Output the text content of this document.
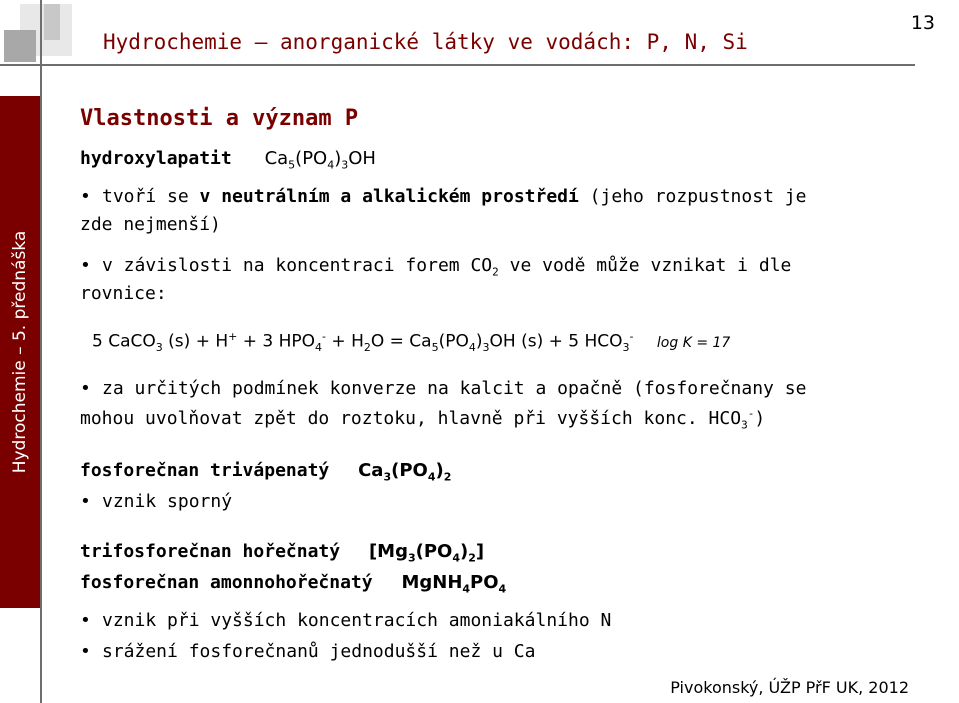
Hydrochemie – 5. přednáška
Hydrochemie – anorganické látky ve vodách: P, N, Si
13
Vlastnosti a význam P
hydroxylapatit $Ca_5(PO_4)_3OH$
• tvoří se v neutrálním a alkalickém prostředí (jeho rozpustnost je
zde nejmenší)
• v závislosti na koncentraci forem $CO_2$ ve vodě může vznikat i dle
rovnice:
5 CaCO$_3$ (s) + H+ + 3 $HPO_4^- + H_2O = Ca_5(PO_4)_3OH$ (s) + 5 $HCO_3^-$ log K = 17
• za určitých podmínek konverze na kalcit a opačně (fosforečnany se
mohou uvolňovat zpět do roztoku, hlavně při vyšších konc. $HCO_3^-$)
fosforečnan trivápenatý $Ca_3(PO_4)_2$
• vznik sporný
trifosforečnan hořečnatý $[Mg_3(PO_4)_2]$
fosforečnan amonnohořečnatý $MgNH_4PO_4$
• vznik při vyšších koncentracích amoniakálního N
• srážení fosforečnanů jednodušší než u Ca
Pivokonský, ÚŽP PřF UK, 2012
